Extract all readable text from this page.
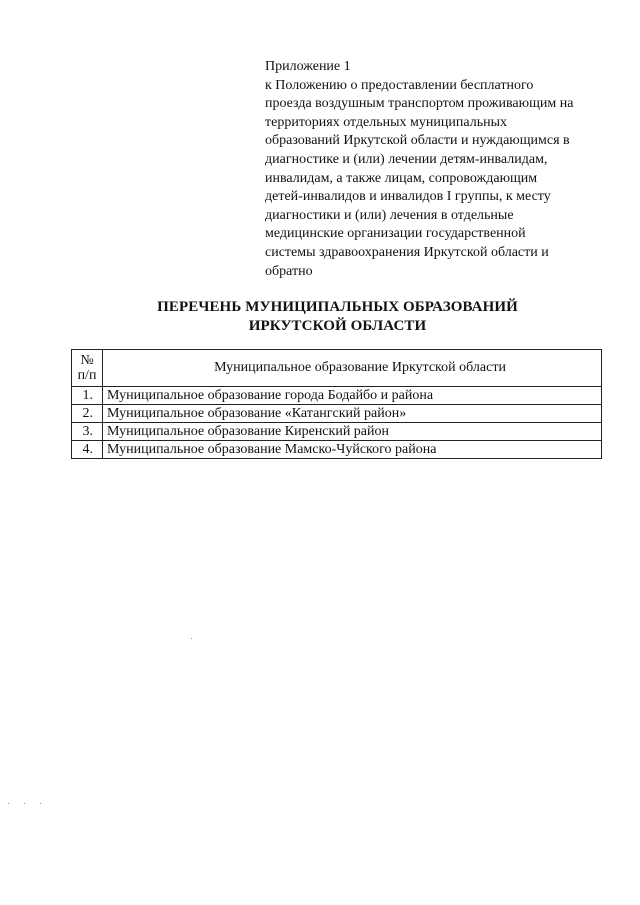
Приложение 1
к Положению о предоставлении бесплатного
проезда воздушным транспортом проживающим на
территориях отдельных муниципальных
образований Иркутской области и нуждающимся в
диагностике и (или) лечении детям-инвалидам,
инвалидам, а также лицам, сопровождающим
детей-инвалидов и инвалидов I группы, к месту
диагностики и (или) лечения в отдельные
медицинские организации государственной
системы здравоохранения Иркутской области и
обратно
ПЕРЕЧЕНЬ МУНИЦИПАЛЬНЫХ ОБРАЗОВАНИЙ
ИРКУТСКОЙ ОБЛАСТИ
№
п/п	Муниципальное образование Иркутской области
1.	Муниципальное образование города Бодайбо и района
2.	Муниципальное образование «Катангский район»
3.	Муниципальное образование Киренский район
4.	Муниципальное образование Мамско-Чуйского района
